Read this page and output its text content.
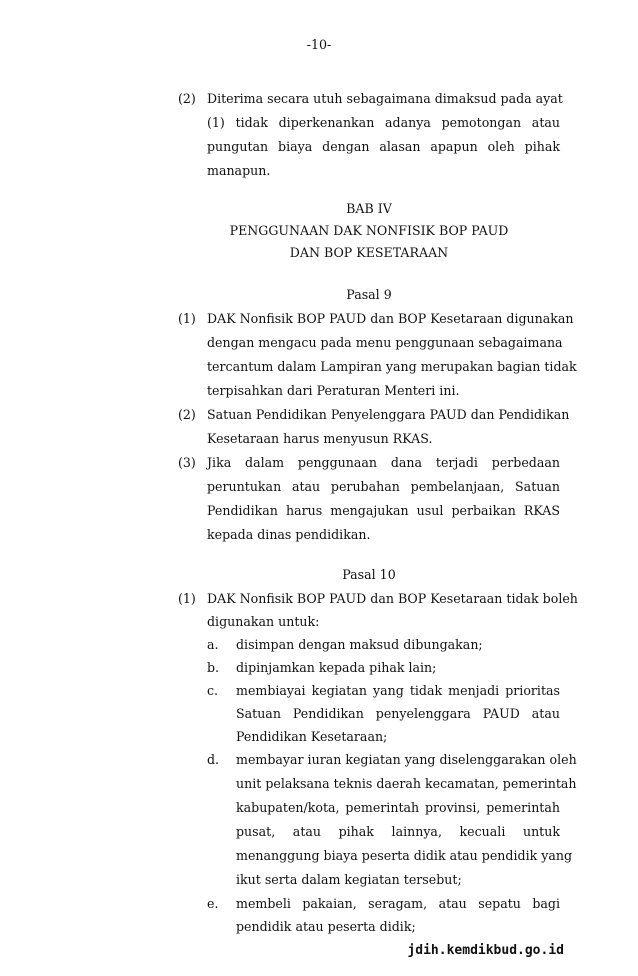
-10-
(2) Diterima secara utuh sebagaimana dimaksud pada ayat
(1) tidak diperkenankan adanya pemotongan atau
pungutan biaya dengan alasan apapun oleh pihak
manapun.
BAB IV
PENGGUNAAN DAK NONFISIK BOP PAUD
DAN BOP KESETARAAN
Pasal 9
(1) DAK Nonfisik BOP PAUD dan BOP Kesetaraan digunakan
dengan mengacu pada menu penggunaan sebagaimana
tercantum dalam Lampiran yang merupakan bagian tidak
terpisahkan dari Peraturan Menteri ini.
(2) Satuan Pendidikan Penyelenggara PAUD dan Pendidikan
Kesetaraan harus menyusun RKAS.
(3) Jika dalam penggunaan dana terjadi perbedaan
peruntukan atau perubahan pembelanjaan, Satuan
Pendidikan harus mengajukan usul perbaikan RKAS
kepada dinas pendidikan.
Pasal 10
(1) DAK Nonfisik BOP PAUD dan BOP Kesetaraan tidak boleh
digunakan untuk:
a. disimpan dengan maksud dibungakan;
b. dipinjamkan kepada pihak lain;
c. membiayai kegiatan yang tidak menjadi prioritas
Satuan Pendidikan penyelenggara PAUD atau
Pendidikan Kesetaraan;
d. membayar iuran kegiatan yang diselenggarakan oleh
unit pelaksana teknis daerah kecamatan, pemerintah
kabupaten/kota, pemerintah provinsi, pemerintah
pusat, atau pihak lainnya, kecuali untuk
menanggung biaya peserta didik atau pendidik yang
ikut serta dalam kegiatan tersebut;
e. membeli pakaian, seragam, atau sepatu bagi
pendidik atau peserta didik;
jdih.kemdikbud.go.id
